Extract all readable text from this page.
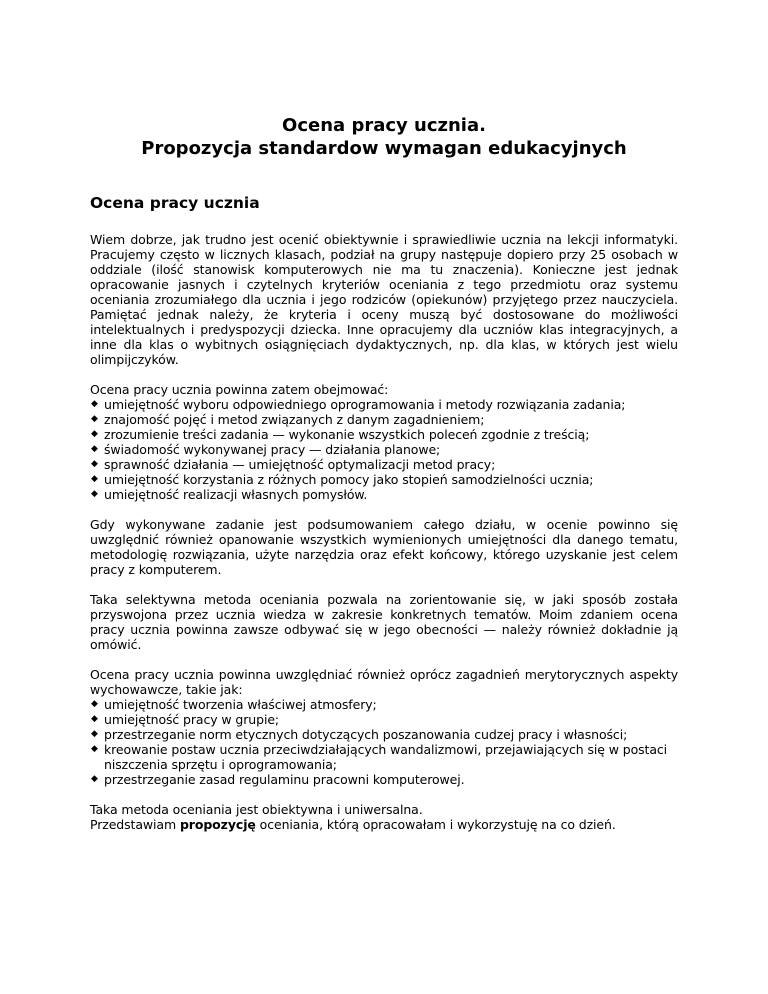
Ocena pracy ucznia.
Propozycja standardow wymagan edukacyjnych
Ocena pracy ucznia

Wiem dobrze, jak trudno jest ocenić obiektywnie i sprawiedliwie ucznia na lekcji informatyki. Pracujemy często w licznych klasach, podział na grupy następuje dopiero przy 25 osobach w oddziale (ilość stanowisk komputerowych nie ma tu znaczenia). Konieczne jest jednak opracowanie jasnych i czytelnych kryteriów oceniania z tego przedmiotu oraz systemu oceniania zrozumiałego dla ucznia i jego rodziców (opiekunów) przyjętego przez nauczyciela. Pamiętać jednak należy, że kryteria i oceny muszą być dostosowane do możliwości intelektualnych i predyspozycji dziecka. Inne opracujemy dla uczniów klas integracyjnych, a inne dla klas o wybitnych osiągnięciach dydaktycznych, np. dla klas, w których jest wielu olimpijczyków.

Ocena pracy ucznia powinna zatem obejmować:

◆ umiejętność wyboru odpowiedniego oprogramowania i metody rozwiązania zadania;
◆ znajomość pojęć i metod związanych z danym zagadnieniem;
◆ zrozumienie treści zadania — wykonanie wszystkich poleceń zgodnie z treścią;
◆ świadomość wykonywanej pracy — działania planowe;
◆ sprawność działania — umiejętność optymalizacji metod pracy;
◆ umiejętność korzystania z różnych pomocy jako stopień samodzielności ucznia;
◆ umiejętność realizacji własnych pomysłów.

Gdy wykonywane zadanie jest podsumowaniem całego działu, w ocenie powinno się uwzględnić również opanowanie wszystkich wymienionych umiejętności dla danego tematu, metodologię rozwiązania, użyte narzędzia oraz efekt końcowy, którego uzyskanie jest celem pracy z komputerem.

Taka selektywna metoda oceniania pozwala na zorientowanie się, w jaki sposób została przyswojona przez ucznia wiedza w zakresie konkretnych tematów. Moim zdaniem ocena pracy ucznia powinna zawsze odbywać się w jego obecności — należy również dokładnie ją omówić.

Ocena pracy ucznia powinna uwzględniać również oprócz zagadnień merytorycznych aspekty wychowawcze, takie jak:

◆ umiejętność tworzenia właściwej atmosfery;
◆ umiejętność pracy w grupie;
◆ przestrzeganie norm etycznych dotyczących poszanowania cudzej pracy i własności;
◆ kreowanie postaw ucznia przeciwdziałających wandalizmowi, przejawiających się w postaci niszczenia sprzętu i oprogramowania;
◆ przestrzeganie zasad regulaminu pracowni komputerowej.

Taka metoda oceniania jest obiektywna i uniwersalna.

Przedstawiam propozycję oceniania, którą opracowałam i wykorzystuję na co dzień.
